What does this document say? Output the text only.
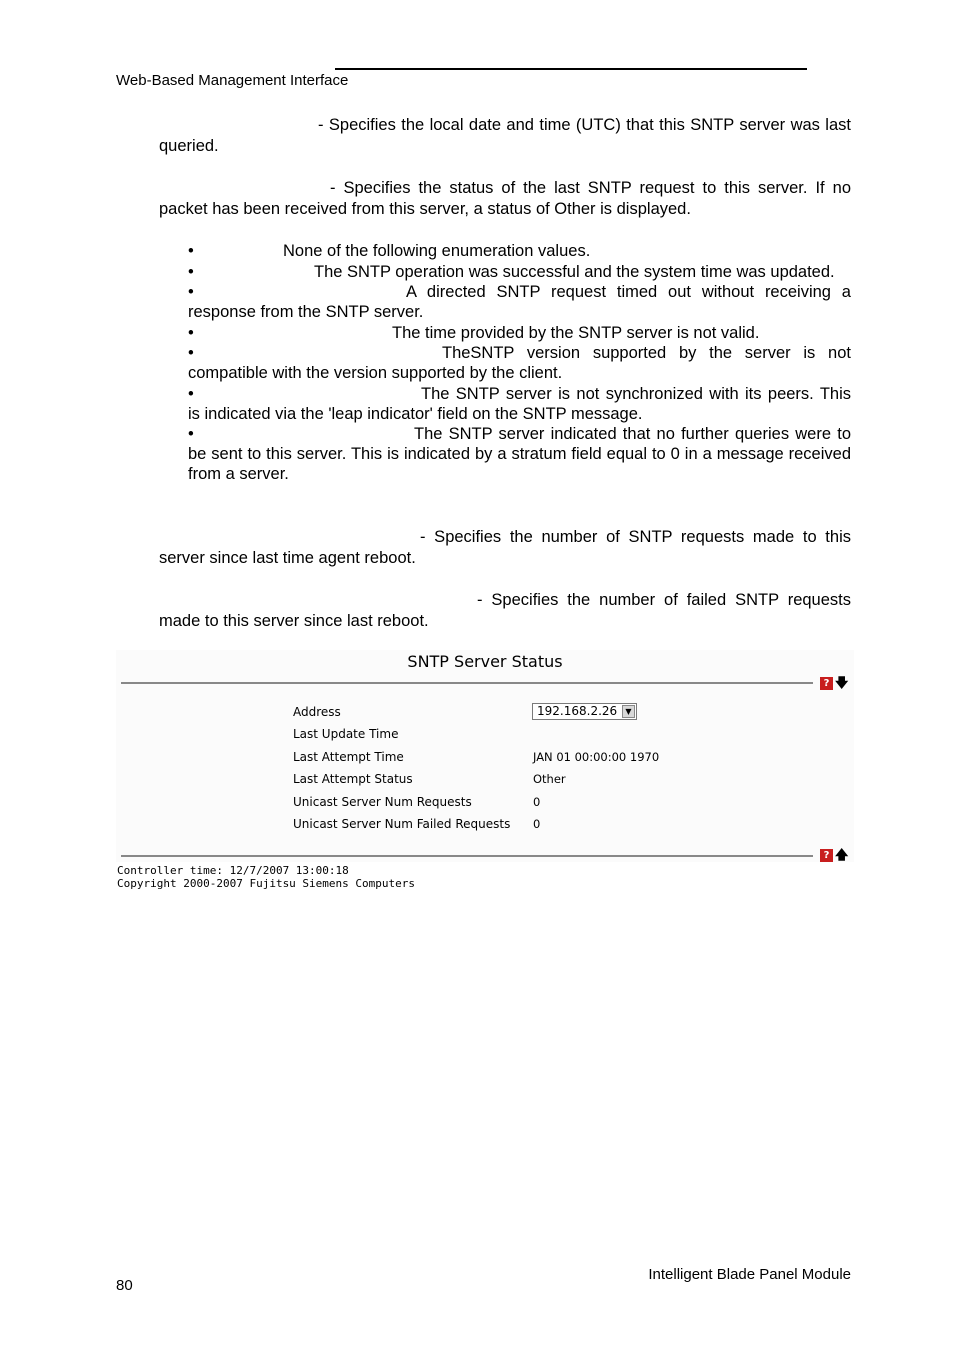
Web-Based Management Interface
- Specifies the local date and time (UTC) that this SNTP server was last queried.
- Specifies the status of the last SNTP request to this server. If no packet has been received from this server, a status of Other is displayed.
•	None of the following enumeration values.
•	The SNTP operation was successful and the system time was updated.
•	A directed SNTP request timed out without receiving a response from the SNTP server.
•	The time provided by the SNTP server is not valid.
•	TheSNTP version supported by the server is not compatible with the version supported by the client.
•	The SNTP server is not synchronized with its peers. This is indicated via the 'leap indicator' field on the SNTP message.
•	The SNTP server indicated that no further queries were to be sent to this server. This is indicated by a stratum field equal to 0 in a message received from a server.
- Specifies the number of SNTP requests made to this server since last time agent reboot.
- Specifies the number of failed SNTP requests made to this server since last reboot.
SNTP Server Status
? 🡇
Address	192.168.2.26	▼
Last Update Time
Last Attempt Time	JAN 01 00:00:00 1970
Last Attempt Status	Other
Unicast Server Num Requests	0
Unicast Server Num Failed Requests 0
? 🡅
Controller time: 12/7/2007 13:00:18
Copyright 2000-2007 Fujitsu Siemens Computers
80
Intelligent Blade Panel Module
